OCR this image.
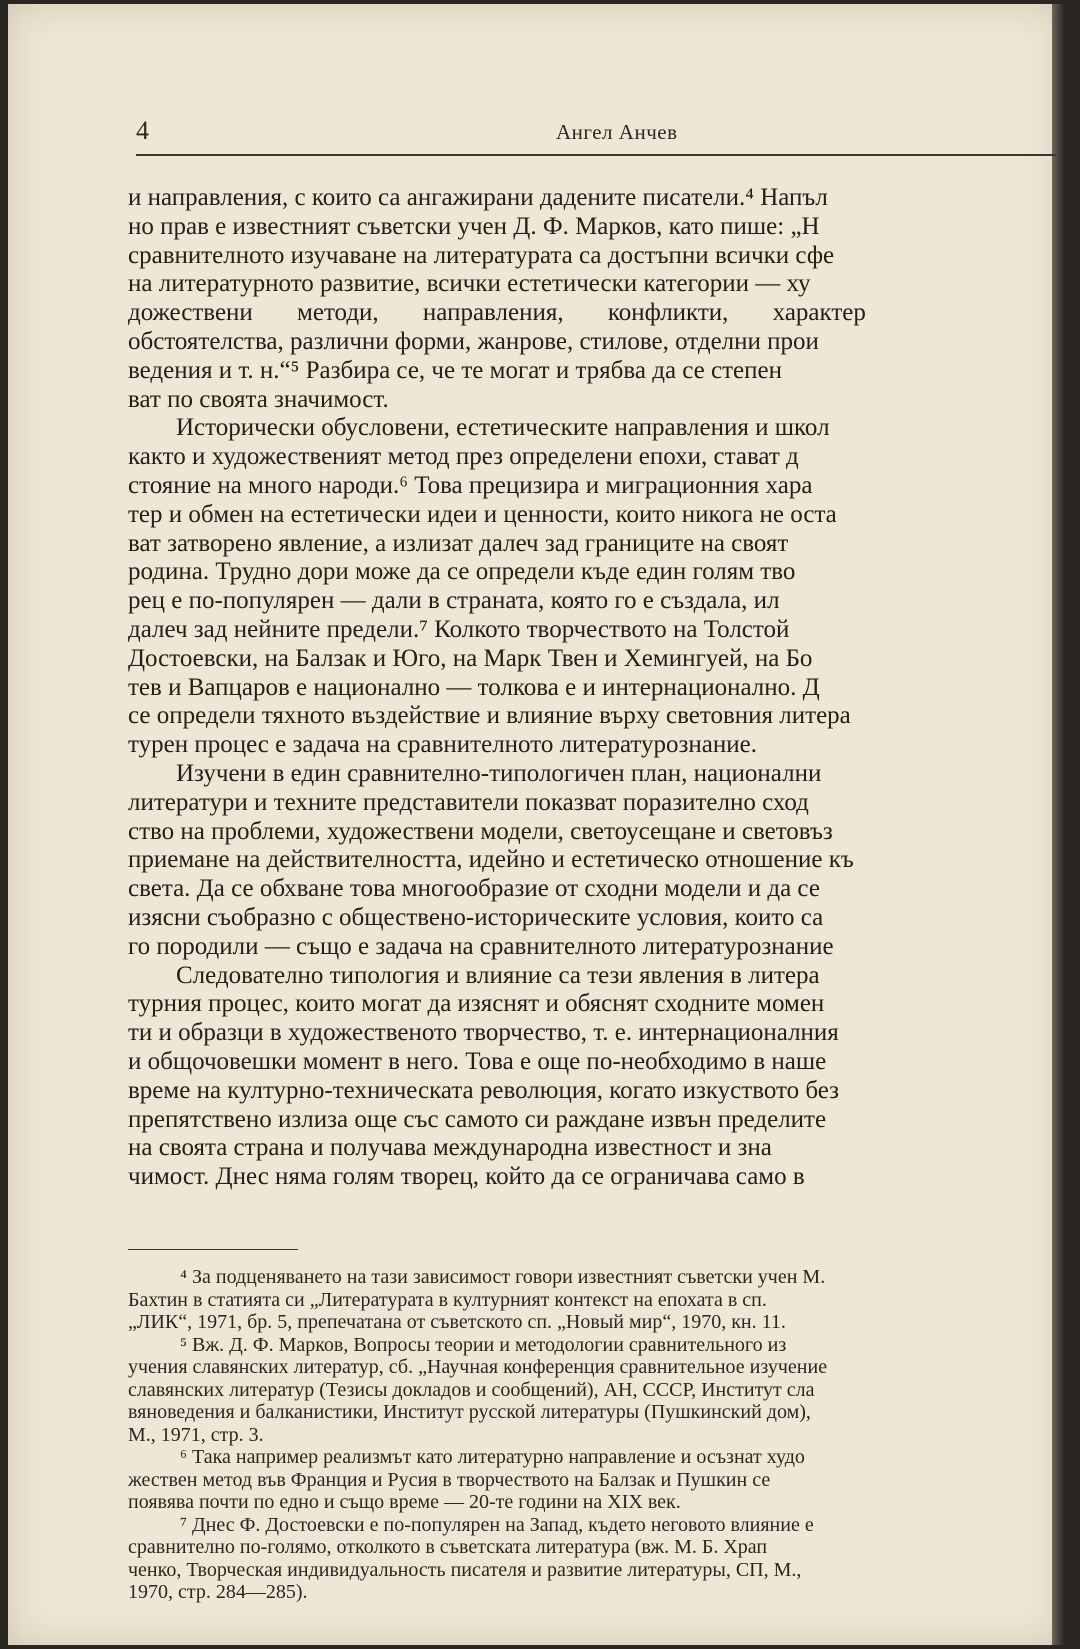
4	Ангел Анчев
и направления, с които са ангажирани дадените писатели.⁴ Напъл
но прав е известният съветски учен Д. Ф. Марков, като пише: „Н
сравнителното изучаване на литературата са достъпни всички сфе
на литературното развитие, всички естетически категории — ху
дожествени методи, направления, конфликти, характер
обстоятелства, различни форми, жанрове, стилове, отделни прои
ведения и т. н.“⁵ Разбира се, че те могат и трябва да се степен
ват по своята значимост.
Исторически обусловени, естетическите направления и школ
както и художественият метод през определени епохи, стават д
стояние на много народи.⁶ Това прецизира и миграционния хара
тер и обмен на естетически идеи и ценности, които никога не оста
ват затворено явление, а излизат далеч зад границите на своят
родина. Трудно дори може да се определи къде един голям тво
рец е по-популярен — дали в страната, която го е създала, ил
далеч зад нейните предели.⁷ Колкото творчеството на Толстой
Достоевски, на Балзак и Юго, на Марк Твен и Хемингуей, на Бо
тев и Вапцаров е национално — толкова е и интернационално. Д
се определи тяхното въздействие и влияние върху световния литера
турен процес е задача на сравнителното литературознание.
Изучени в един сравнително-типологичен план, национални
литератури и техните представители показват поразително сход
ство на проблеми, художествени модели, светоусещане и световъз
приемане на действителността, идейно и естетическо отношение къ
света. Да се обхване това многообразие от сходни модели и да се
изясни съобразно с обществено-историческите условия, които са
го породили — също е задача на сравнителното литературознание
Следователно типология и влияние са тези явления в литера
турния процес, които могат да изяснят и обяснят сходните момен
ти и образци в художественото творчество, т. е. интернационалния
и общочовешки момент в него. Това е още по-необходимо в наше
време на културно-техническата революция, когато изкуството без
препятствено излиза още със самото си раждане извън пределите
на своята страна и получава международна известност и зна
чимост. Днес няма голям творец, който да се ограничава само в
⁴ За подценяването на тази зависимост говори известният съветски учен М.
Бахтин в статията си „Литературата в културният контекст на епохата в сп.
„ЛИК“, 1971, бр. 5, препечатана от съветското сп. „Новый мир“, 1970, кн. 11.
⁵ Вж. Д. Ф. Марков, Вопросы теории и методологии сравнительного из
учения славянских литератур, сб. „Научная конференция сравнительное изучение
славянских литератур (Тезисы докладов и сообщений), АН, СССР, Институт сла
вяноведения и балканистики, Институт русской литературы (Пушкинский дом),
М., 1971, стр. 3.
⁶ Така например реализмът като литературно направление и осъзнат худо
жествен метод във Франция и Русия в творчеството на Балзак и Пушкин се
появява почти по едно и също време — 20-те години на XIX век.
⁷ Днес Ф. Достоевски е по-популярен на Запад, където неговото влияние е
сравнително по-голямо, отколкото в съветската литература (вж. М. Б. Храп
ченко, Творческая индивидуальность писателя и развитие литературы, СП, М.,
1970, стр. 284—285).
